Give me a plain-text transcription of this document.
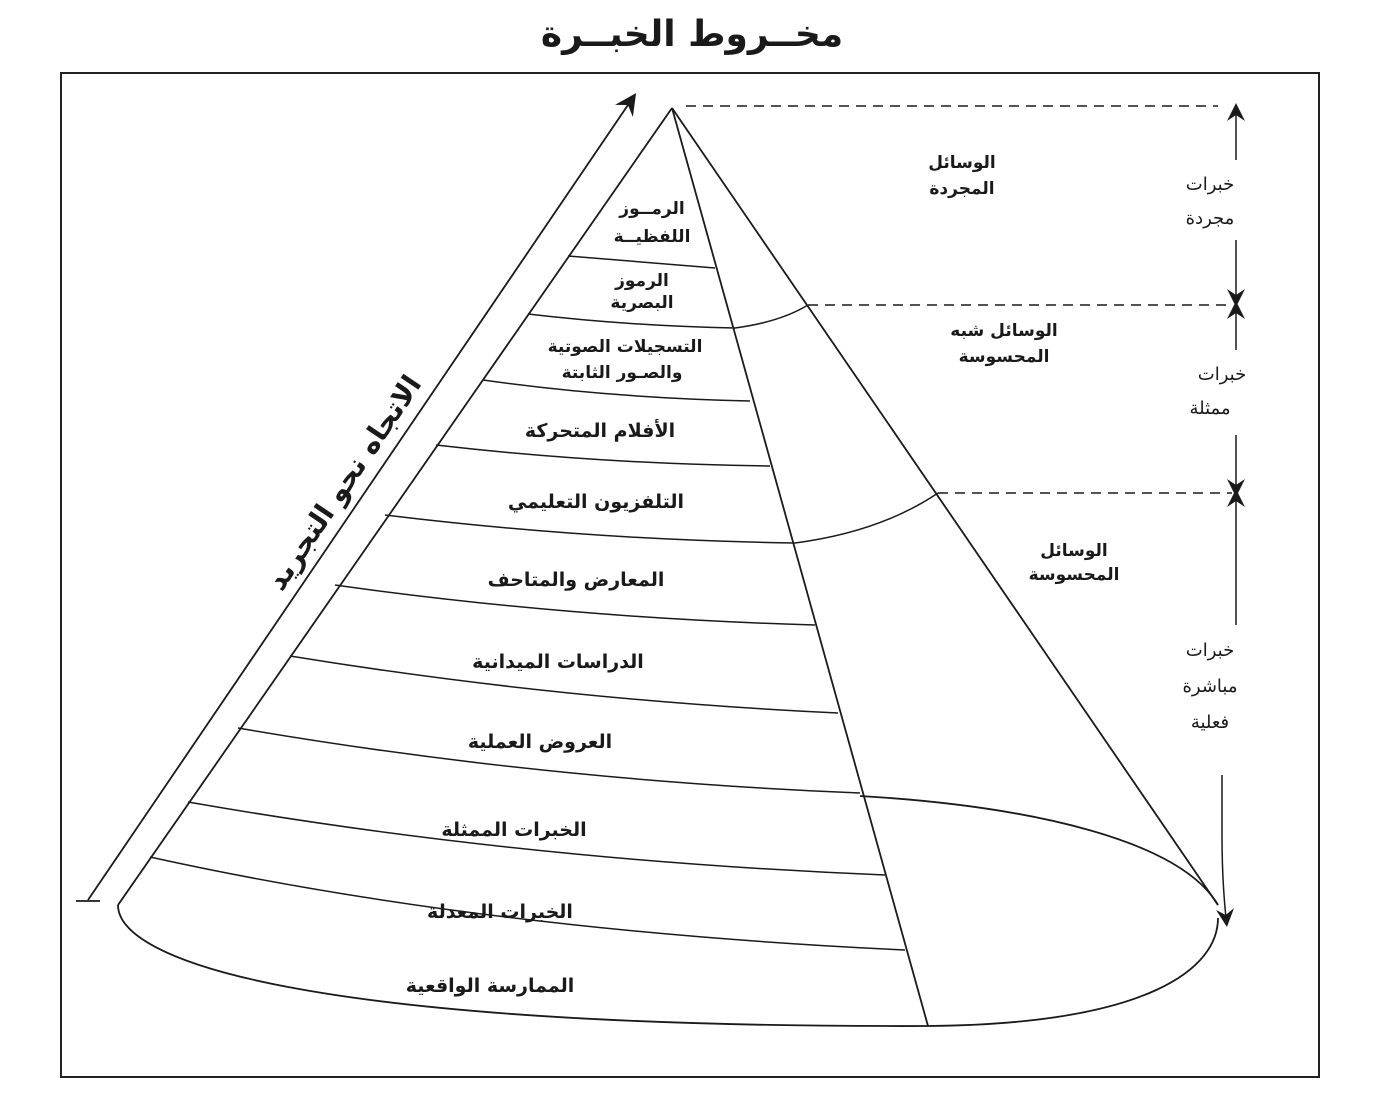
مخــروط الخبــرة
الرمــوز
اللفظيــة
الرموز
البصرية
التسجيلات الصوتية
والصـور الثابتة
الأفلام المتحركة
التلفزيون التعليمي
المعارض والمتاحف
الدراسات الميدانية
العروض العملية
الخبرات الممثلة
الخبرات المعدلة
الممارسة الواقعية
الوسائل
المجردة
الوسائل شبه
المحسوسة
الوسائل
المحسوسة
خبرات
مجردة
خبرات
ممثلة
خبرات
مباشرة
فعلية
الاتجاه نحو التجريد
